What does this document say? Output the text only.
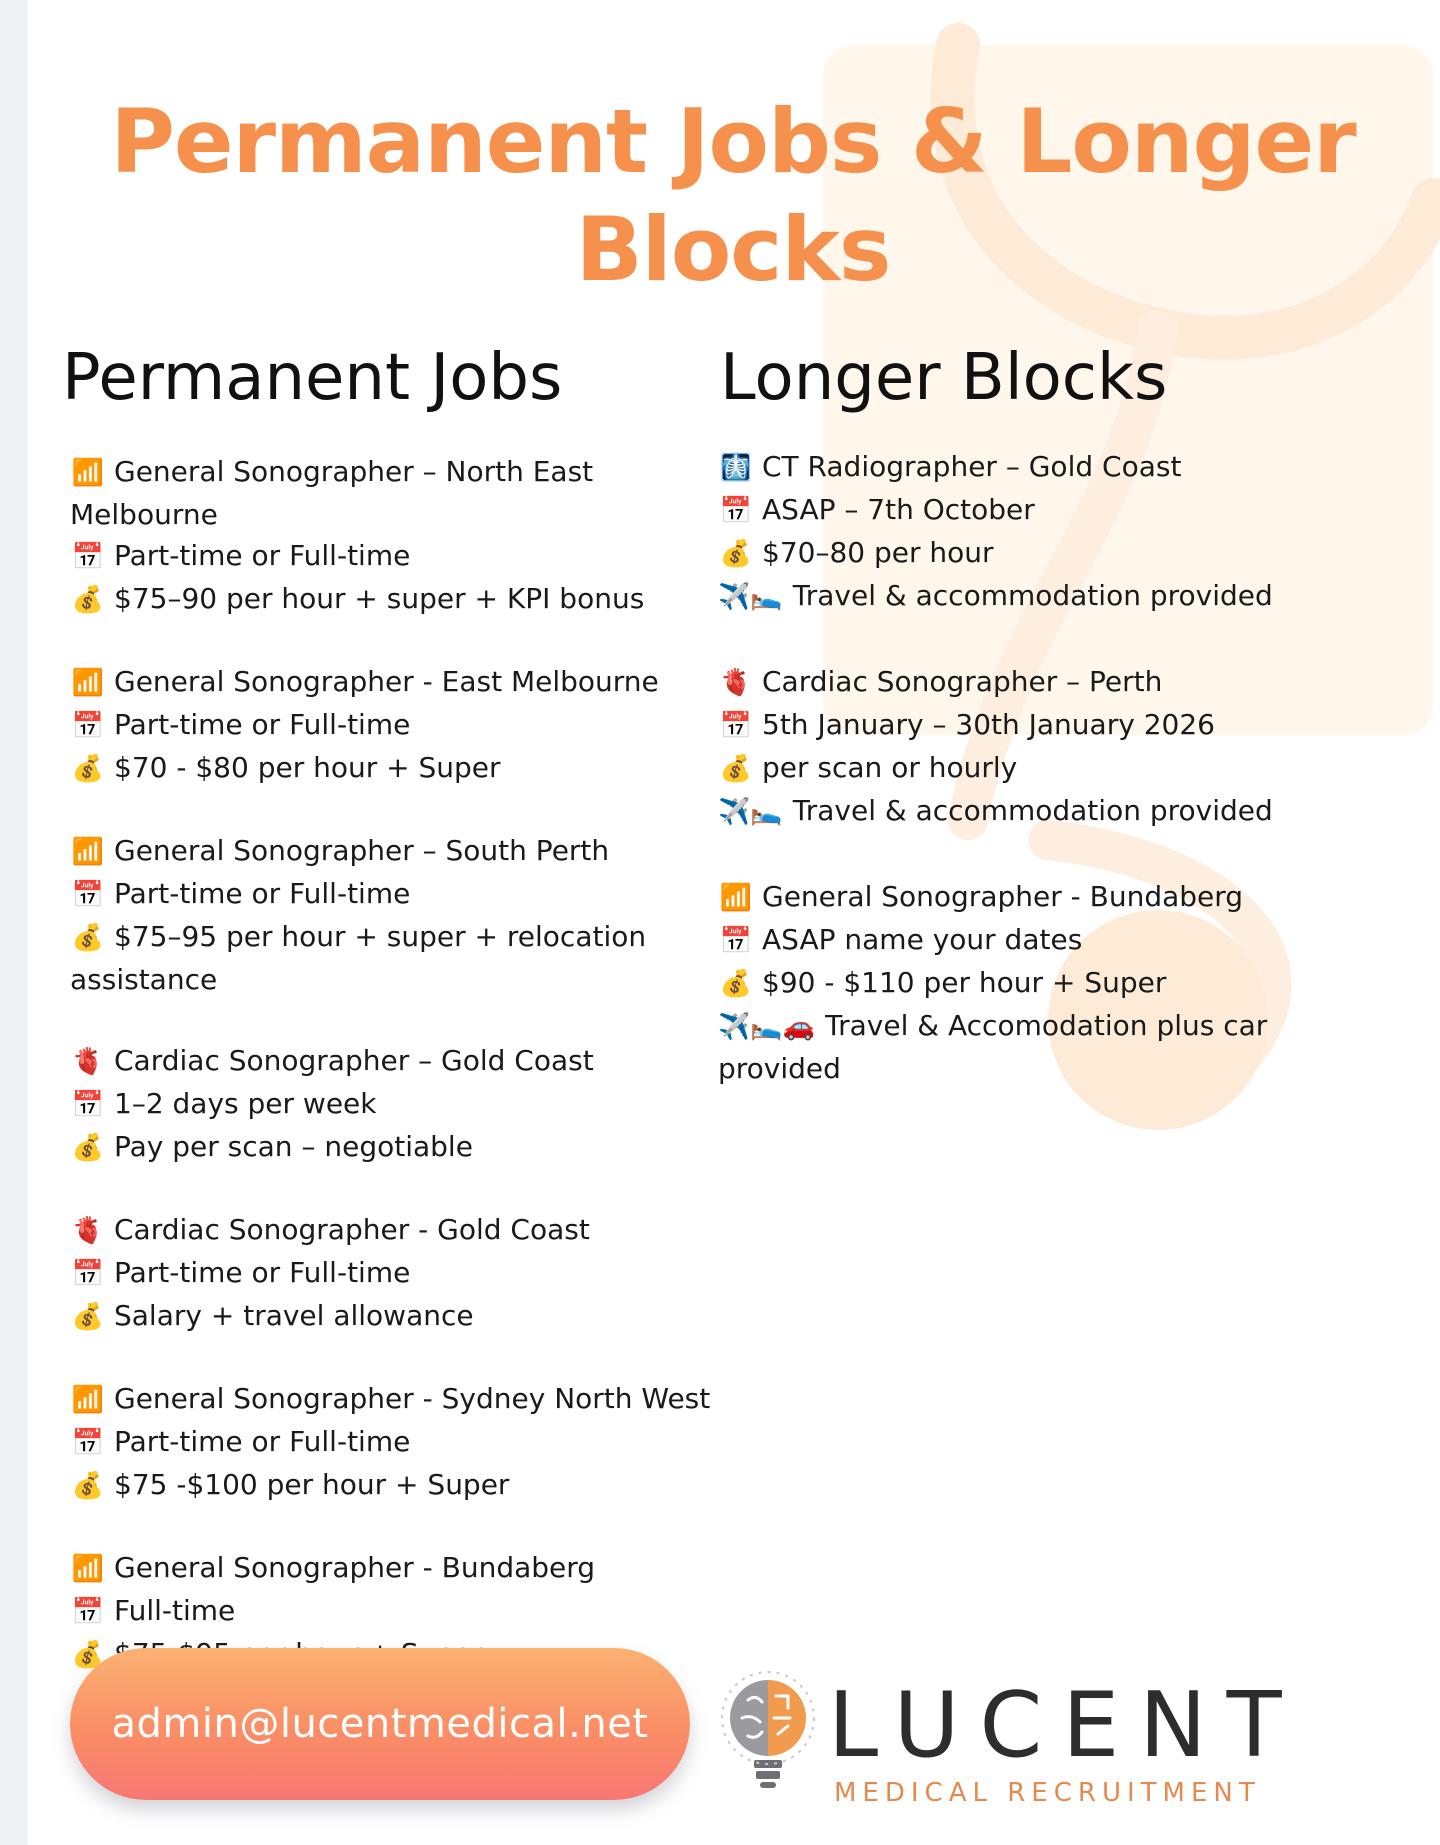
Permanent Jobs & Longer Blocks
Permanent Jobs Longer Blocks
📶 General Sonographer – North East Melbourne
📅 Part-time or Full-time
💰 $75–90 per hour + super + KPI bonus
📶 General Sonographer - East Melbourne
📅 Part-time or Full-time
💰 $70 - $80 per hour + Super
📶 General Sonographer – South Perth
📅 Part-time or Full-time
💰 $75–95 per hour + super + relocation assistance
🫀 Cardiac Sonographer – Gold Coast
📅 1–2 days per week
💰 Pay per scan – negotiable
🫀 Cardiac Sonographer - Gold Coast
📅 Part-time or Full-time
💰 Salary + travel allowance
📶 General Sonographer - Sydney North West
📅 Part-time or Full-time
💰 $75 -$100 per hour + Super
📶 General Sonographer - Bundaberg
📅 Full-time
💰
🩻 CT Radiographer – Gold Coast
📅 ASAP – 7th October
💰 $70–80 per hour
✈️🛌 Travel & accommodation provided
🫀 Cardiac Sonographer – Perth
📅 5th January – 30th January 2026
💰 per scan or hourly
✈️🛌 Travel & accommodation provided
📶 General Sonographer - Bundaberg
📅 ASAP name your dates
💰 $90 - $110 per hour + Super
✈️🛌🚗 Travel & Accomodation plus car provided
admin@lucentmedical.net LUCENT
MEDICAL RECRUITMENT
